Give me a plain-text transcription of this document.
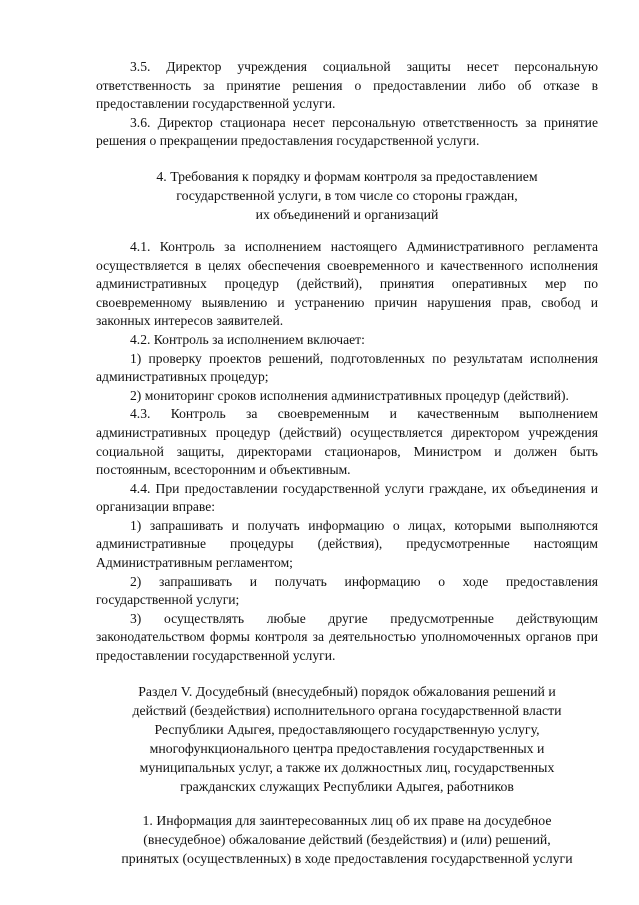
3.5. Директор учреждения социальной защиты несет персональную ответственность за принятие решения о предоставлении либо об отказе в предоставлении государственной услуги.

3.6. Директор стационара несет персональную ответственность за принятие решения о прекращении предоставления государственной услуги.

4. Требования к порядку и формам контроля за предоставлением
государственной услуги, в том числе со стороны граждан,
их объединений и организаций

4.1. Контроль за исполнением настоящего Административного регламента осуществляется в целях обеспечения своевременного и качественного исполнения административных процедур (действий), принятия оперативных мер по своевременному выявлению и устранению причин нарушения прав, свобод и законных интересов заявителей.

4.2. Контроль за исполнением включает:

1) проверку проектов решений, подготовленных по результатам исполнения административных процедур;

2) мониторинг сроков исполнения административных процедур (действий).

4.3. Контроль за своевременным и качественным выполнением административных процедур (действий) осуществляется директором учреждения социальной защиты, директорами стационаров, Министром и должен быть постоянным, всесторонним и объективным.

4.4. При предоставлении государственной услуги граждане, их объединения и организации вправе:

1) запрашивать и получать информацию о лицах, которыми выполняются административные процедуры (действия), предусмотренные настоящим Административным регламентом;

2) запрашивать и получать информацию о ходе предоставления государственной услуги;

3) осуществлять любые другие предусмотренные действующим законодательством формы контроля за деятельностью уполномоченных органов при предоставлении государственной услуги.

Раздел V. Досудебный (внесудебный) порядок обжалования решений и
действий (бездействия) исполнительного органа государственной власти
Республики Адыгея, предоставляющего государственную услугу,
многофункционального центра предоставления государственных и
муниципальных услуг, а также их должностных лиц, государственных
гражданских служащих Республики Адыгея, работников
1. Информация для заинтересованных лиц об их праве на досудебное
(внесудебное) обжалование действий (бездействия) и (или) решений,
принятых (осуществленных) в ходе предоставления государственной услуги
